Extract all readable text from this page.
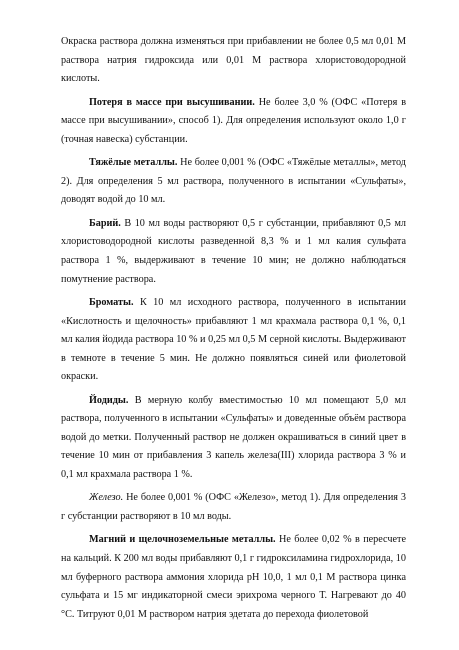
Окраска раствора должна изменяться при прибавлении не более 0,5 мл 0,01 М раствора натрия гидроксида или 0,01 М раствора хлористоводородной кислоты.

Потеря в массе при высушивании. Не более 3,0 % (ОФС «Потеря в массе при высушивании», способ 1). Для определения используют около 1,0 г (точная навеска) субстанции.

Тяжёлые металлы. Не более 0,001 % (ОФС «Тяжёлые металлы», метод 2). Для определения 5 мл раствора, полученного в испытании «Сульфаты», доводят водой до 10 мл.

Барий. В 10 мл воды растворяют 0,5 г субстанции, прибавляют 0,5 мл хлористоводородной кислоты разведенной 8,3 % и 1 мл калия сульфата раствора 1 %, выдерживают в течение 10 мин; не должно наблюдаться помутнение раствора.

Броматы. К 10 мл исходного раствора, полученного в испытании «Кислотность и щелочность» прибавляют 1 мл крахмала раствора 0,1 %, 0,1 мл калия йодида раствора 10 % и 0,25 мл 0,5 М серной кислоты. Выдерживают в темноте в течение 5 мин. Не должно появляться синей или фиолетовой окраски.

Йодиды. В мерную колбу вместимостью 10 мл помещают 5,0 мл раствора, полученного в испытании «Сульфаты» и доведенные объём раствора водой до метки. Полученный раствор не должен окрашиваться в синий цвет в течение 10 мин от прибавления 3 капель железа(III) хлорида раствора 3 % и 0,1 мл крахмала раствора 1 %.

Железо. Не более 0,001 % (ОФС «Железо», метод 1). Для определения 3 г субстанции растворяют в 10 мл воды.

Магний и щелочноземельные металлы. Не более 0,02 % в пересчете на кальций. К 200 мл воды прибавляют 0,1 г гидроксиламина гидрохлорида, 10 мл буферного раствора аммония хлорида pH 10,0, 1 мл 0,1 М раствора цинка сульфата и 15 мг индикаторной смеси эрихрома черного Т. Нагревают до 40 °С. Титруют 0,01 М раствором натрия эдетата до перехода фиолетовой
